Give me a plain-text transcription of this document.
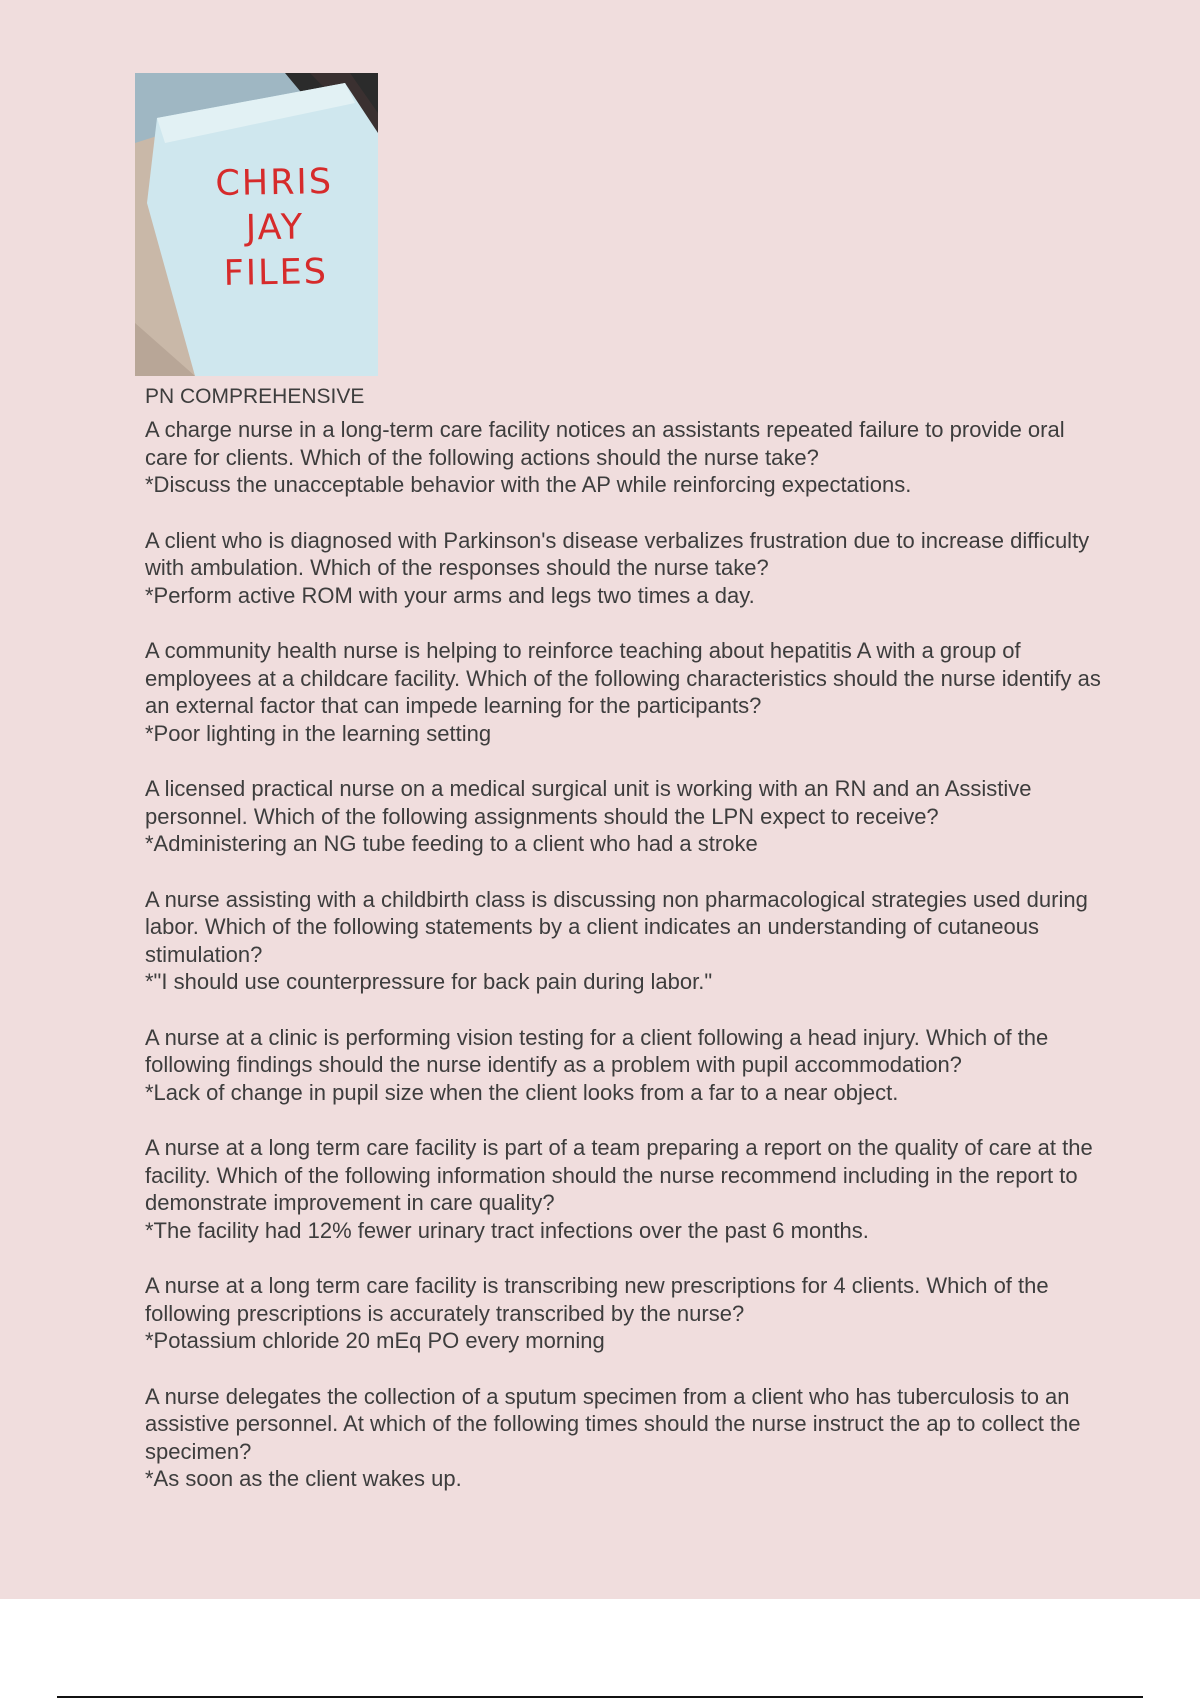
CHRIS
JAY
FILES
PN COMPREHENSIVE

A charge nurse in a long-term care facility notices an assistants repeated failure to provide oral care for clients. Which of the following actions should the nurse take?

*Discuss the unacceptable behavior with the AP while reinforcing expectations.

A client who is diagnosed with Parkinson's disease verbalizes frustration due to increase difficulty with ambulation. Which of the responses should the nurse take?

*Perform active ROM with your arms and legs two times a day.

A community health nurse is helping to reinforce teaching about hepatitis A with a group of employees at a childcare facility. Which of the following characteristics should the nurse identify as an external factor that can impede learning for the participants?

*Poor lighting in the learning setting

A licensed practical nurse on a medical surgical unit is working with an RN and an Assistive personnel. Which of the following assignments should the LPN expect to receive?

*Administering an NG tube feeding to a client who had a stroke

A nurse assisting with a childbirth class is discussing non pharmacological strategies used during labor. Which of the following statements by a client indicates an understanding of cutaneous stimulation?

*"I should use counterpressure for back pain during labor."

A nurse at a clinic is performing vision testing for a client following a head injury. Which of the following findings should the nurse identify as a problem with pupil accommodation?

*Lack of change in pupil size when the client looks from a far to a near object.

A nurse at a long term care facility is part of a team preparing a report on the quality of care at the facility. Which of the following information should the nurse recommend including in the report to demonstrate improvement in care quality?

*The facility had 12% fewer urinary tract infections over the past 6 months.

A nurse at a long term care facility is transcribing new prescriptions for 4 clients. Which of the following prescriptions is accurately transcribed by the nurse?

*Potassium chloride 20 mEq PO every morning

A nurse delegates the collection of a sputum specimen from a client who has tuberculosis to an assistive personnel. At which of the following times should the nurse instruct the ap to collect the specimen?

*As soon as the client wakes up.
